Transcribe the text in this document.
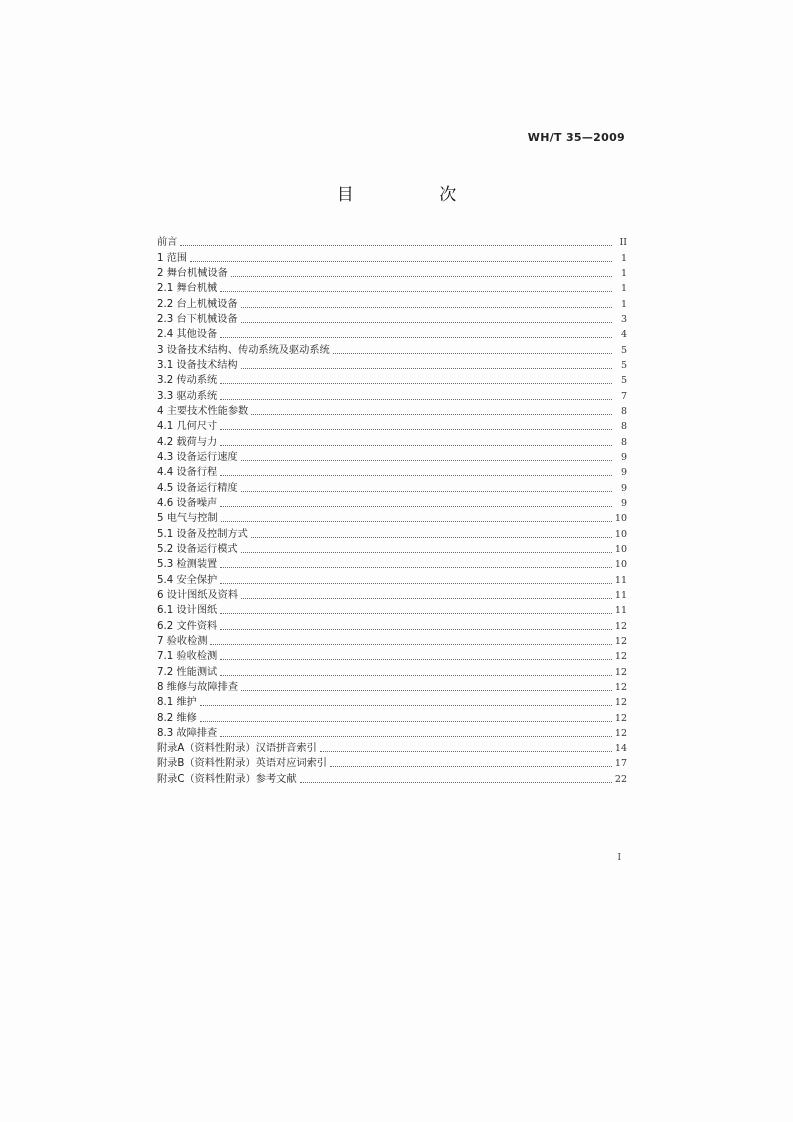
WH/T 35—2009
目 次
前言	II
1 范围	1
2 舞台机械设备	1
2.1 舞台机械	1
2.2 台上机械设备	1
2.3 台下机械设备	3
2.4 其他设备	4
3 设备技术结构、传动系统及驱动系统	5
3.1 设备技术结构	5
3.2 传动系统	5
3.3 驱动系统	7
4 主要技术性能参数	8
4.1 几何尺寸	8
4.2 载荷与力	8
4.3 设备运行速度	9
4.4 设备行程	9
4.5 设备运行精度	9
4.6 设备噪声	9
5 电气与控制	10
5.1 设备及控制方式	10
5.2 设备运行模式	10
5.3 检测装置	10
5.4 安全保护	11
6 设计图纸及资料	11
6.1 设计图纸	11
6.2 文件资料	12
7 验收检测	12
7.1 验收检测	12
7.2 性能测试	12
8 维修与故障排查	12
8.1 维护	12
8.2 维修	12
8.3 故障排查	12
附录A（资料性附录）汉语拼音索引	14
附录B（资料性附录）英语对应词索引	17
附录C（资料性附录）参考文献	22
I
